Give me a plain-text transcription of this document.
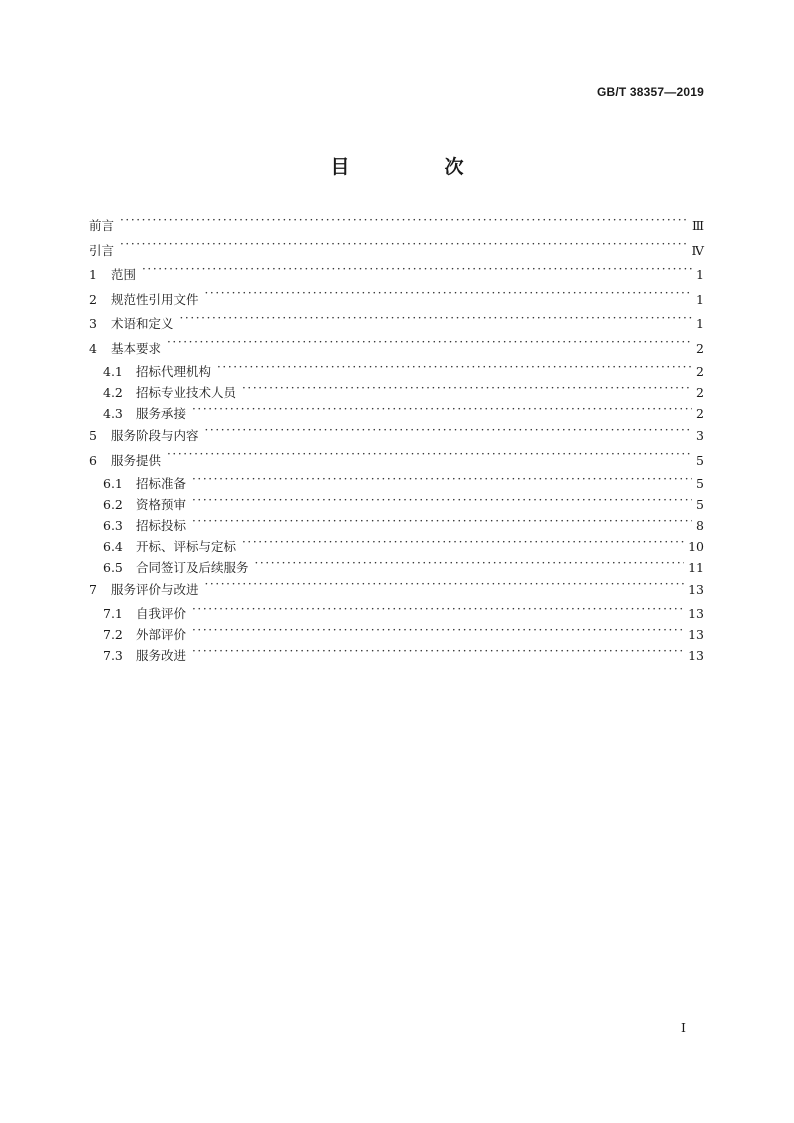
GB/T 38357—2019
目　次
前言 ·····	Ⅲ
引言 ·····	Ⅳ
1	范围 ·····	1
2	规范性引用文件 ·····	1
3	术语和定义 ·····	1
4	基本要求 ·····	2
4.1	招标代理机构 ·····	2
4.2	招标专业技术人员 ·····	2
4.3	服务承接 ·····	2
5	服务阶段与内容 ·····	3
6	服务提供 ·····	5
6.1	招标准备 ·····	5
6.2	资格预审 ·····	5
6.3	招标投标 ·····	8
6.4	开标、评标与定标 ·····	10
6.5	合同签订及后续服务 ·····	11
7	服务评价与改进 ·····	13
7.1	自我评价 ·····	13
7.2	外部评价 ·····	13
7.3	服务改进 ·····	13
Ⅰ
